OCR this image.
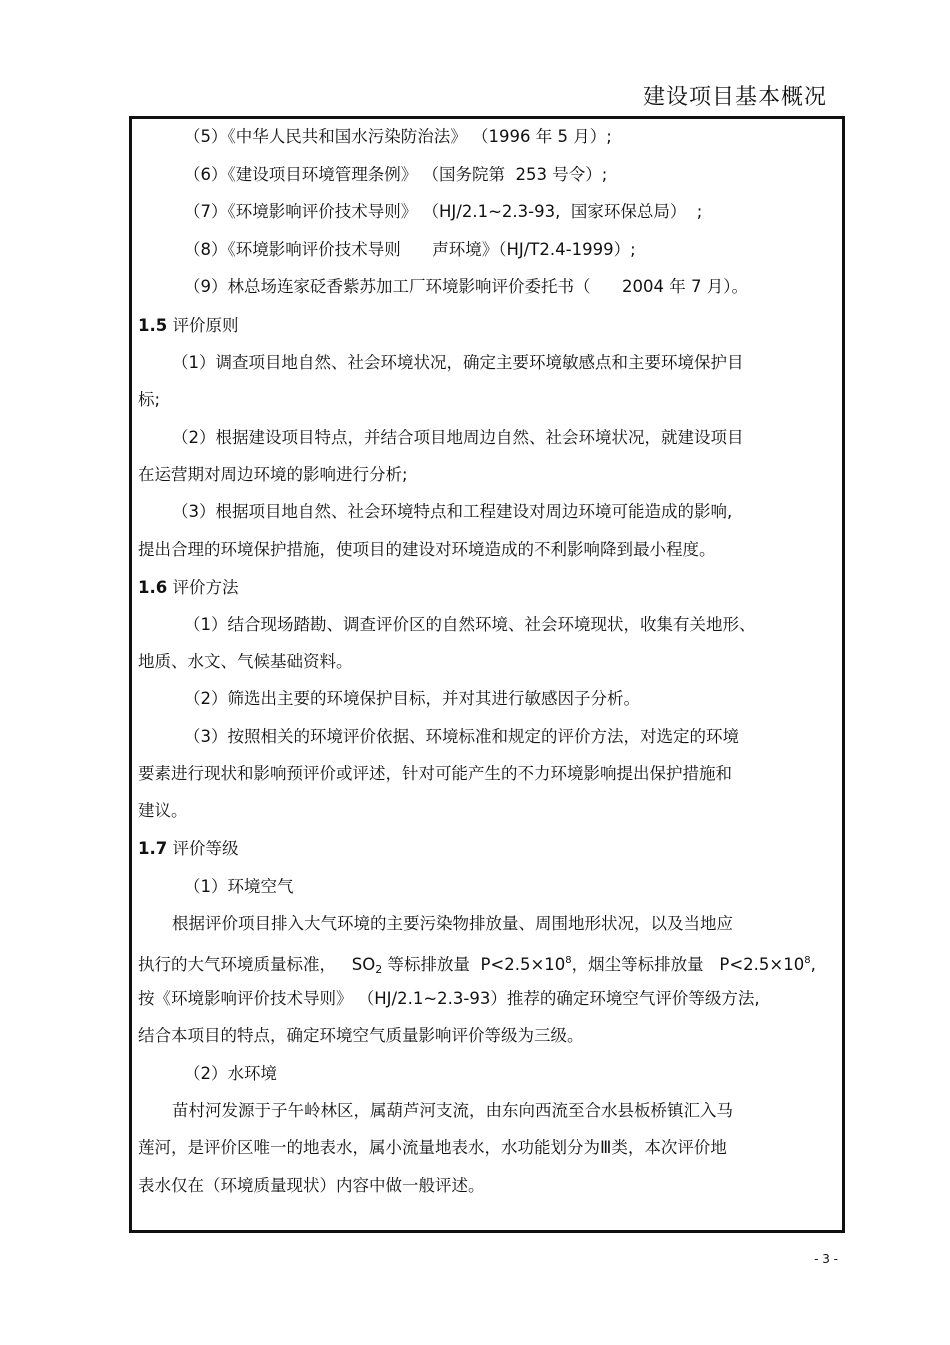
建设项目基本概况
（5）《中华人民共和国水污染防治法》 （1996 年 5 月）;
（6）《建设项目环境管理条例》 （国务院第  253 号令）;
（7）《环境影响评价技术导则》 （HJ/2.1~2.3-93,  国家环保总局）  ;
（8）《环境影响评价技术导则      声环境》（HJ/T2.4-1999）;
（9）林总场连家砭香紫苏加工厂环境影响评价委托书（      2004 年 7 月）。
1.5 评价原则
（1）调查项目地自然、社会环境状况，确定主要环境敏感点和主要环境保护目
标;
（2）根据建设项目特点，并结合项目地周边自然、社会环境状况，就建设项目
在运营期对周边环境的影响进行分析;
（3）根据项目地自然、社会环境特点和工程建设对周边环境可能造成的影响,
提出合理的环境保护措施，使项目的建设对环境造成的不利影响降到最小程度。
1.6 评价方法
（1）结合现场踏勘、调查评价区的自然环境、社会环境现状，收集有关地形、
地质、水文、气候基础资料。
（2）筛选出主要的环境保护目标，并对其进行敏感因子分析。
（3）按照相关的环境评价依据、环境标准和规定的评价方法，对选定的环境
要素进行现状和影响预评价或评述，针对可能产生的不力环境影响提出保护措施和
建议。
1.7 评价等级
（1）环境空气
根据评价项目排入大气环境的主要污染物排放量、周围地形状况，以及当地应
执行的大气环境质量标准，   $SO_2$ 等标排放量  $P<2.5\times 10^8$，烟尘等标排放量   $P<2.5\times 10^8$,
按《环境影响评价技术导则》 （HJ/2.1~2.3-93）推荐的确定环境空气评价等级方法,
结合本项目的特点，确定环境空气质量影响评价等级为三级。
（2）水环境
苗村河发源于子午岭林区，属葫芦河支流，由东向西流至合水县板桥镇汇入马
莲河，是评价区唯一的地表水，属小流量地表水，水功能划分为Ⅲ类，本次评价地
表水仅在（环境质量现状）内容中做一般评述。
- 3 -
